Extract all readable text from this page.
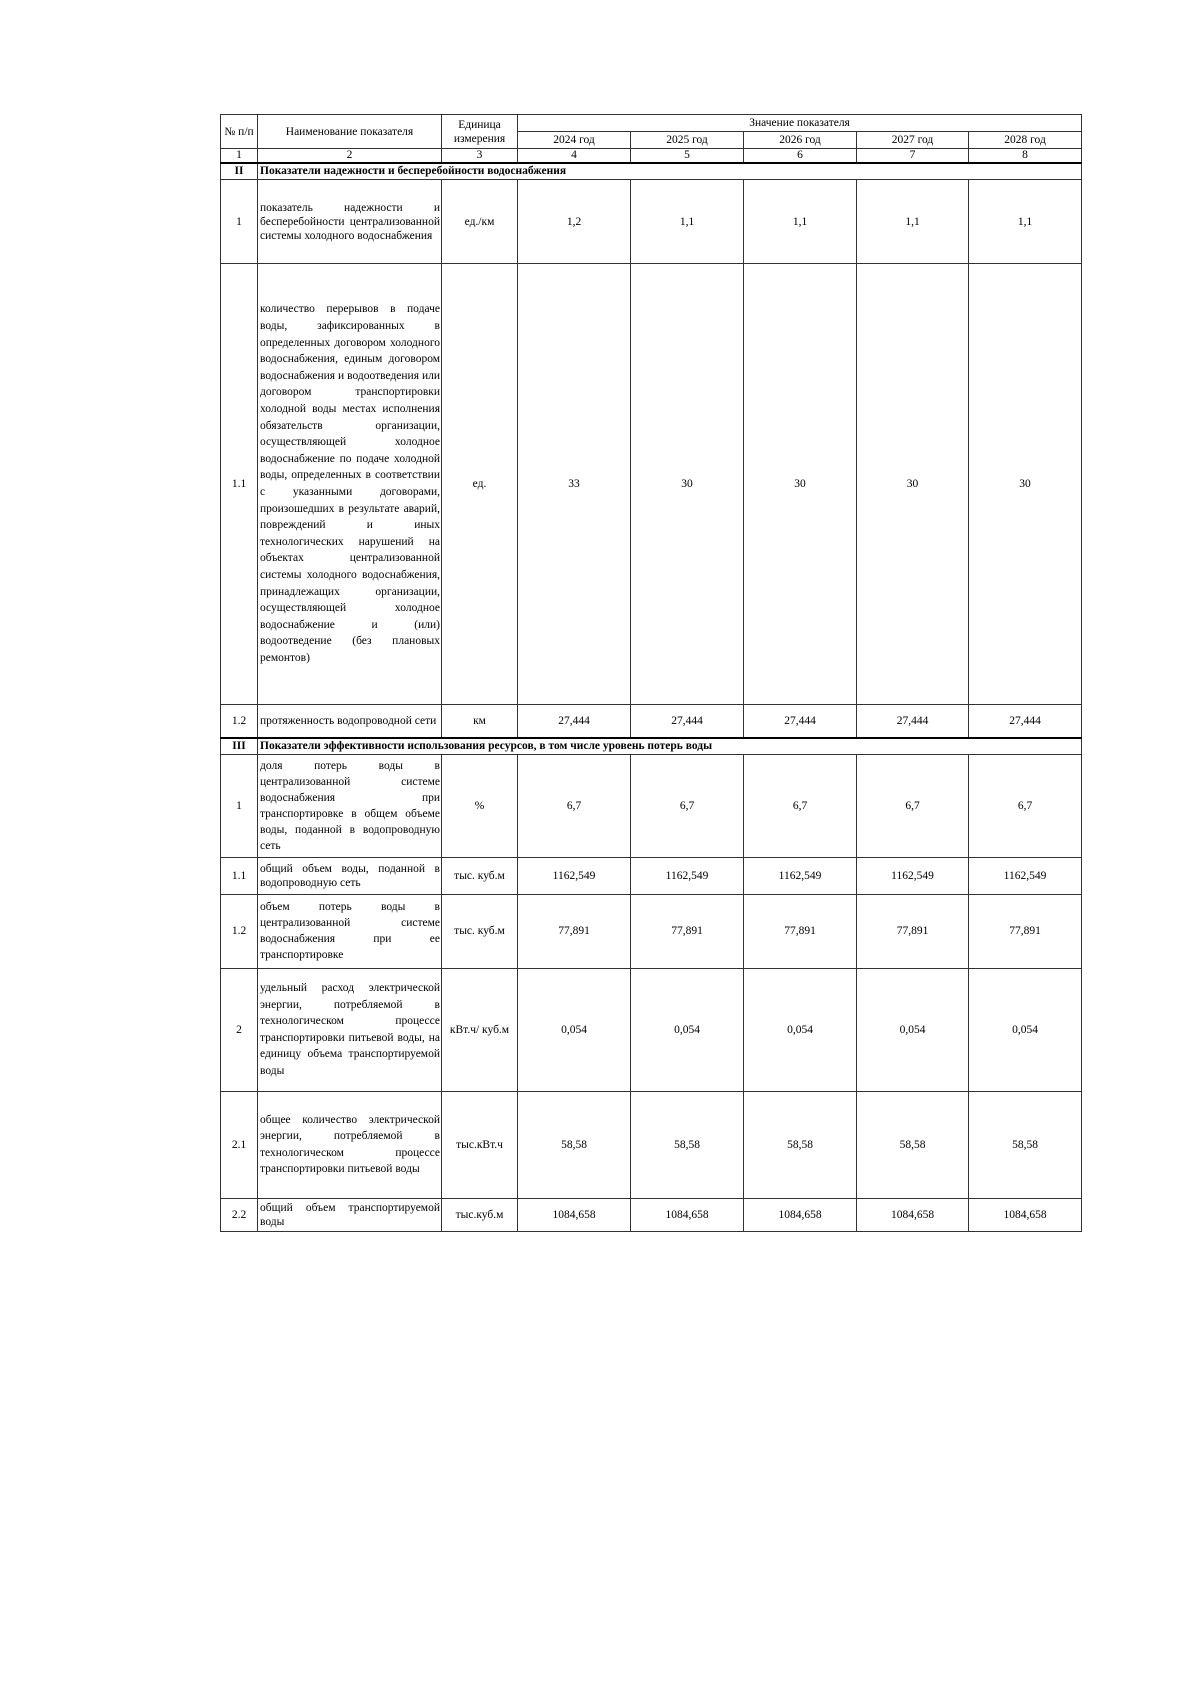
№ п/п	Наименование показателя	Единица измерения	Значение показателя				
			2024 год	2025 год	2026 год	2027 год	2028 год
1	2	3	4	5	6	7	8
II	Показатели надежности и бесперебойности водоснабжения						
1	показатель надежности и бесперебойности централизованной системы холодного водоснабжения	ед./км	1,2	1,1	1,1	1,1	1,1
1.1	количество перерывов в подаче воды, зафиксированных в определенных договором холодного водоснабжения, единым договором водоснабжения и водоотведения или договором транспортировки холодной воды местах исполнения обязательств организации, осуществляющей холодное водоснабжение по подаче холодной воды, определенных в соответствии с указанными договорами, произошедших в результате аварий, повреждений и иных технологических нарушений на объектах централизованной системы холодного водоснабжения, принадлежащих организации, осуществляющей холодное водоснабжение и (или) водоотведение (без плановых ремонтов)	ед.	33	30	30	30	30
1.2	протяженность водопроводной сети	км	27,444	27,444	27,444	27,444	27,444
III	Показатели эффективности использования ресурсов, в том числе уровень потерь воды						
1	доля потерь воды в централизованной системе водоснабжения при транспортировке в общем объеме воды, поданной в водопроводную сеть	%	6,7	6,7	6,7	6,7	6,7
1.1	общий объем воды, поданной в водопроводную сеть	тыс. куб.м	1162,549	1162,549	1162,549	1162,549	1162,549
1.2	объем потерь воды в централизованной системе водоснабжения при ее транспортировке	тыс. куб.м	77,891	77,891	77,891	77,891	77,891
2	удельный расход электрической энергии, потребляемой в технологическом процессе транспортировки питьевой воды, на единицу объема транспортируемой воды	кВт.ч/ куб.м	0,054	0,054	0,054	0,054	0,054
2.1	общее количество электрической энергии, потребляемой в технологическом процессе транспортировки питьевой воды	тыс.кВт.ч	58,58	58,58	58,58	58,58	58,58
2.2	общий объем транспортируемой воды	тыс.куб.м	1084,658	1084,658	1084,658	1084,658	1084,658
